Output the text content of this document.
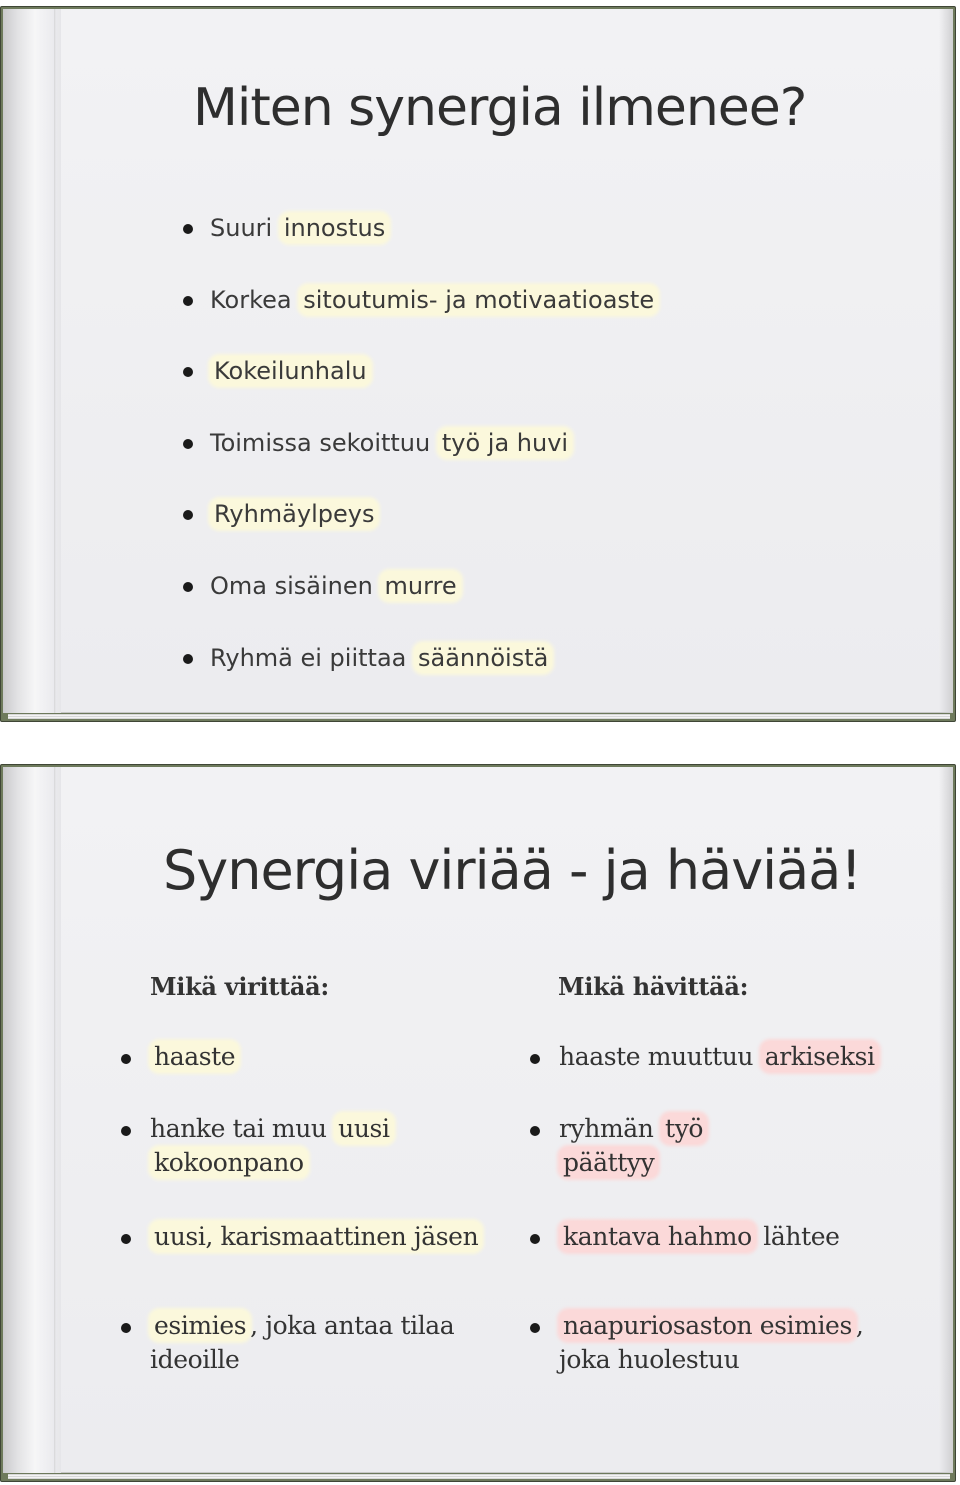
Miten synergia ilmenee?
Suuri innostus
Korkea sitoutumis- ja motivaatioaste
Kokeilunhalu
Toimissa sekoittuu työ ja huvi
Ryhmäylpeys
Oma sisäinen murre
Ryhmä ei piittaa säännöistä
Synergia viriää - ja häviää!
Mikä virittää:	Mikä hävittää:
haaste
hanke tai muu uusi
kokoonpano
uusi, karismaattinen jäsen
esimies , joka antaa tilaa
ideoille
haaste muuttuu arkiseksi
ryhmän työ
päättyy
kantava hahmo lähtee
naapuriosaston esimies ,
joka huolestuu
